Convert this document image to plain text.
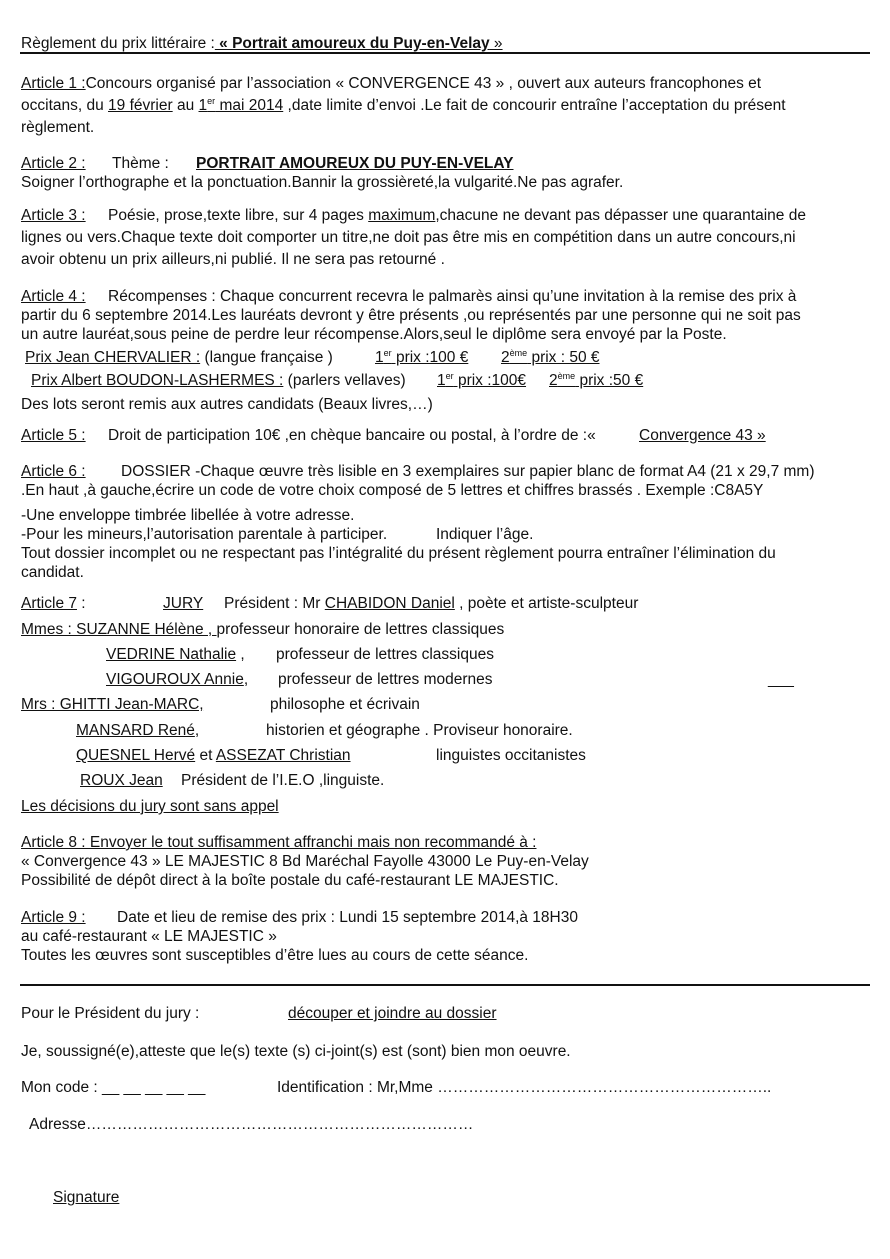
Règlement du prix littéraire : « Portrait amoureux du Puy-en-Velay »
Article 1 :Concours organisé par l’association « CONVERGENCE 43 » , ouvert aux auteurs francophones et
occitans, du 19 février au 1er mai 2014 ,date limite d’envoi .Le fait de concourir entraîne l’acceptation du présent
règlement.
Article 2 : Thème : PORTRAIT AMOUREUX DU PUY-EN-VELAY
Soigner l’orthographe et la ponctuation.Bannir la grossièreté,la vulgarité.Ne pas agrafer.
Article 3 : Poésie, prose,texte libre, sur 4 pages maximum,chacune ne devant pas dépasser une quarantaine de
lignes ou vers.Chaque texte doit comporter un titre,ne doit pas être mis en compétition dans un autre concours,ni
avoir obtenu un prix ailleurs,ni publié. Il ne sera pas retourné .
Article 4 : Récompenses : Chaque concurrent recevra le palmarès ainsi qu’une invitation à la remise des prix à
partir du 6 septembre 2014.Les lauréats devront y être présents ,ou représentés par une personne qui ne soit pas
un autre lauréat,sous peine de perdre leur récompense.Alors,seul le diplôme sera envoyé par la Poste.
Prix Jean CHERVALIER : (langue française )	1er prix :100 € 2ème prix : 50 €
Prix Albert BOUDON-LASHERMES : (parlers vellaves) 1er prix :100€ 2ème prix :50 €
Des lots seront remis aux autres candidats (Beaux livres,…)
Article 5 : Droit de participation 10€ ,en chèque bancaire ou postal, à l’ordre de :«	Convergence 43 »
Article 6 : DOSSIER -Chaque œuvre très lisible en 3 exemplaires sur papier blanc de format A4 (21 x 29,7 mm)
.En haut ,à gauche,écrire un code de votre choix composé de 5 lettres et chiffres brassés . Exemple :C8A5Y
-Une enveloppe timbrée libellée à votre adresse.
-Pour les mineurs,l’autorisation parentale à participer.	Indiquer l’âge.
Tout dossier incomplet ou ne respectant pas l’intégralité du présent règlement pourra entraîner l’élimination du
candidat.
Article 7 :	JURY Président : Mr CHABIDON Daniel , poète et artiste-sculpteur
Mmes : SUZANNE Hélène , professeur honoraire de lettres classiques
VEDRINE Nathalie , professeur de lettres classiques
VIGOUROUX Annie, professeur de lettres modernes	___
Mrs : GHITTI Jean-MARC,	philosophe et écrivain
MANSARD René,	historien et géographe . Proviseur honoraire.
QUESNEL Hervé et ASSEZAT Christian	linguistes occitanistes
ROUX Jean Président de l’I.E.O ,linguiste.
Les décisions du jury sont sans appel
Article 8 : Envoyer le tout suffisamment affranchi mais non recommandé à :
« Convergence 43 » LE MAJESTIC 8 Bd Maréchal Fayolle 43000 Le Puy-en-Velay
Possibilité de dépôt direct à la boîte postale du café-restaurant LE MAJESTIC.
Article 9 : Date et lieu de remise des prix : Lundi 15 septembre 2014,à 18H30
au café-restaurant « LE MAJESTIC »
Toutes les œuvres sont susceptibles d’être lues au cours de cette séance.
Pour le Président du jury :	découper et joindre au dossier
Je, soussigné(e),atteste que le(s) texte (s) ci-joint(s) est (sont) bien mon oeuvre.
Mon code : __ __ __ __ __	Identification : Mr,Mme ………………………………………………………..
Adresse…………………………………………………………………
Signature
